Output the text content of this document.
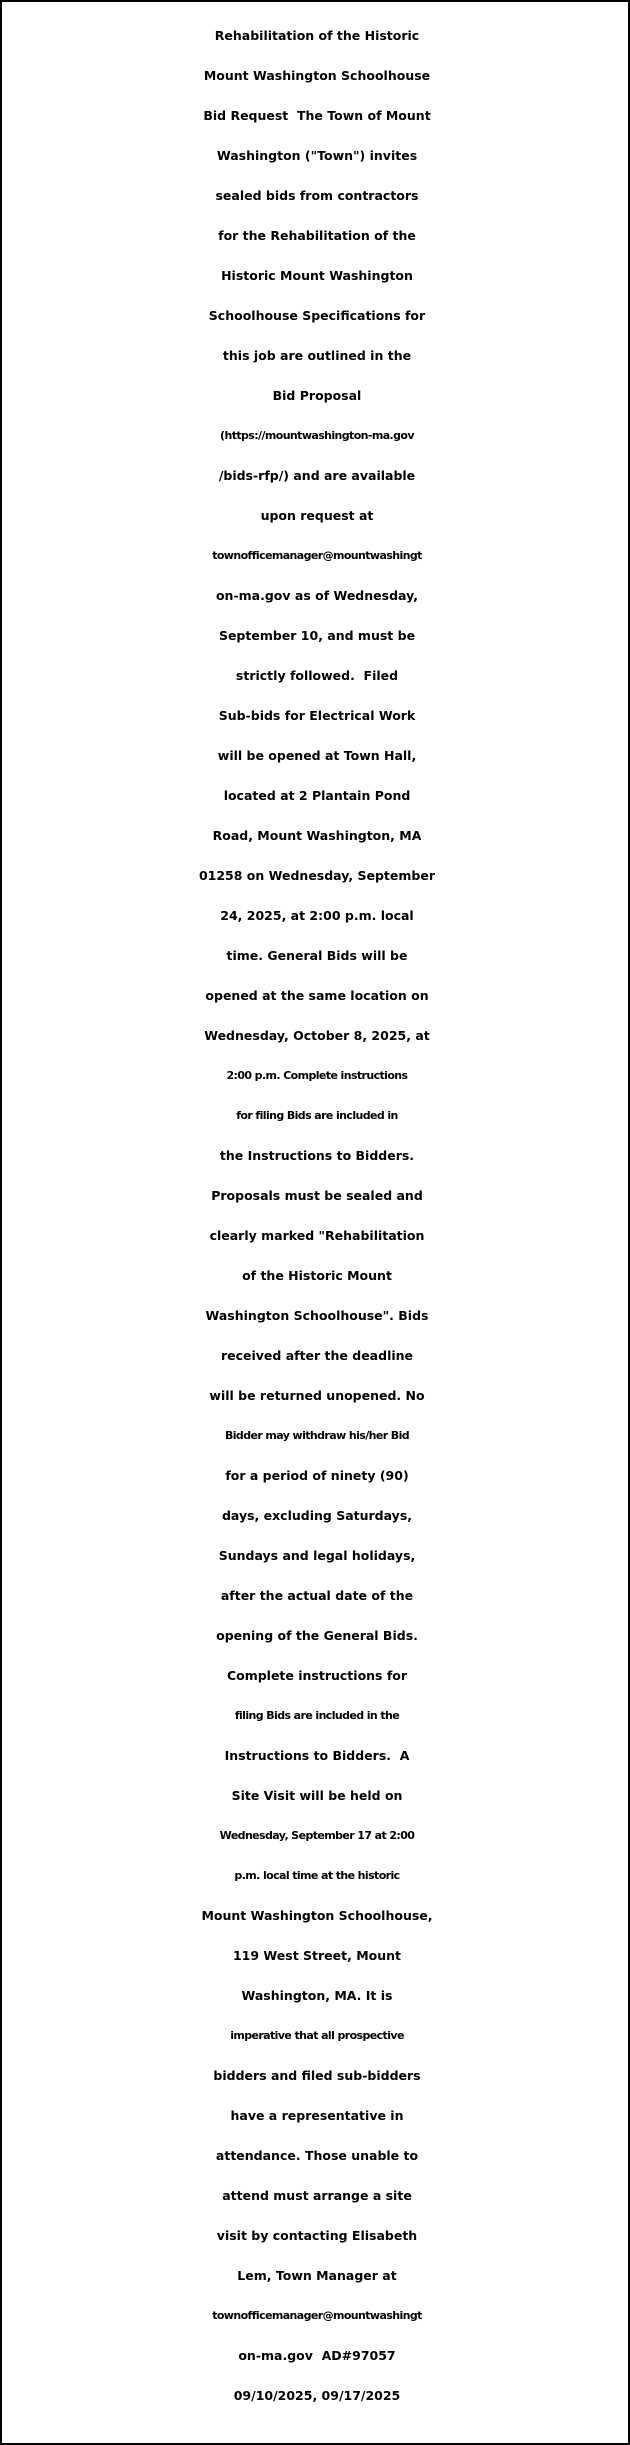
Rehabilitation of the Historic
Mount Washington Schoolhouse
Bid Request  The Town of Mount
Washington ("Town") invites
sealed bids from contractors
for the Rehabilitation of the
Historic Mount Washington
Schoolhouse Specifications for
this job are outlined in the
Bid Proposal
(https://mountwashington-ma.gov
/bids-rfp/) and are available
upon request at
townofficemanager@mountwashingt
on-ma.gov as of Wednesday,
September 10, and must be
strictly followed.  Filed
Sub-bids for Electrical Work
will be opened at Town Hall,
located at 2 Plantain Pond
Road, Mount Washington, MA
01258 on Wednesday, September
24, 2025, at 2:00 p.m. local
time. General Bids will be
opened at the same location on
Wednesday, October 8, 2025, at
2:00 p.m. Complete instructions
for filing Bids are included in
the Instructions to Bidders.
Proposals must be sealed and
clearly marked "Rehabilitation
of the Historic Mount
Washington Schoolhouse". Bids
received after the deadline
will be returned unopened. No
Bidder may withdraw his/her Bid
for a period of ninety (90)
days, excluding Saturdays,
Sundays and legal holidays,
after the actual date of the
opening of the General Bids.
Complete instructions for
filing Bids are included in the
Instructions to Bidders.  A
Site Visit will be held on
Wednesday, September 17 at 2:00
p.m. local time at the historic
Mount Washington Schoolhouse,
119 West Street, Mount
Washington, MA. It is
imperative that all prospective
bidders and filed sub-bidders
have a representative in
attendance. Those unable to
attend must arrange a site
visit by contacting Elisabeth
Lem, Town Manager at
townofficemanager@mountwashingt
on-ma.gov  AD#97057
09/10/2025, 09/17/2025
